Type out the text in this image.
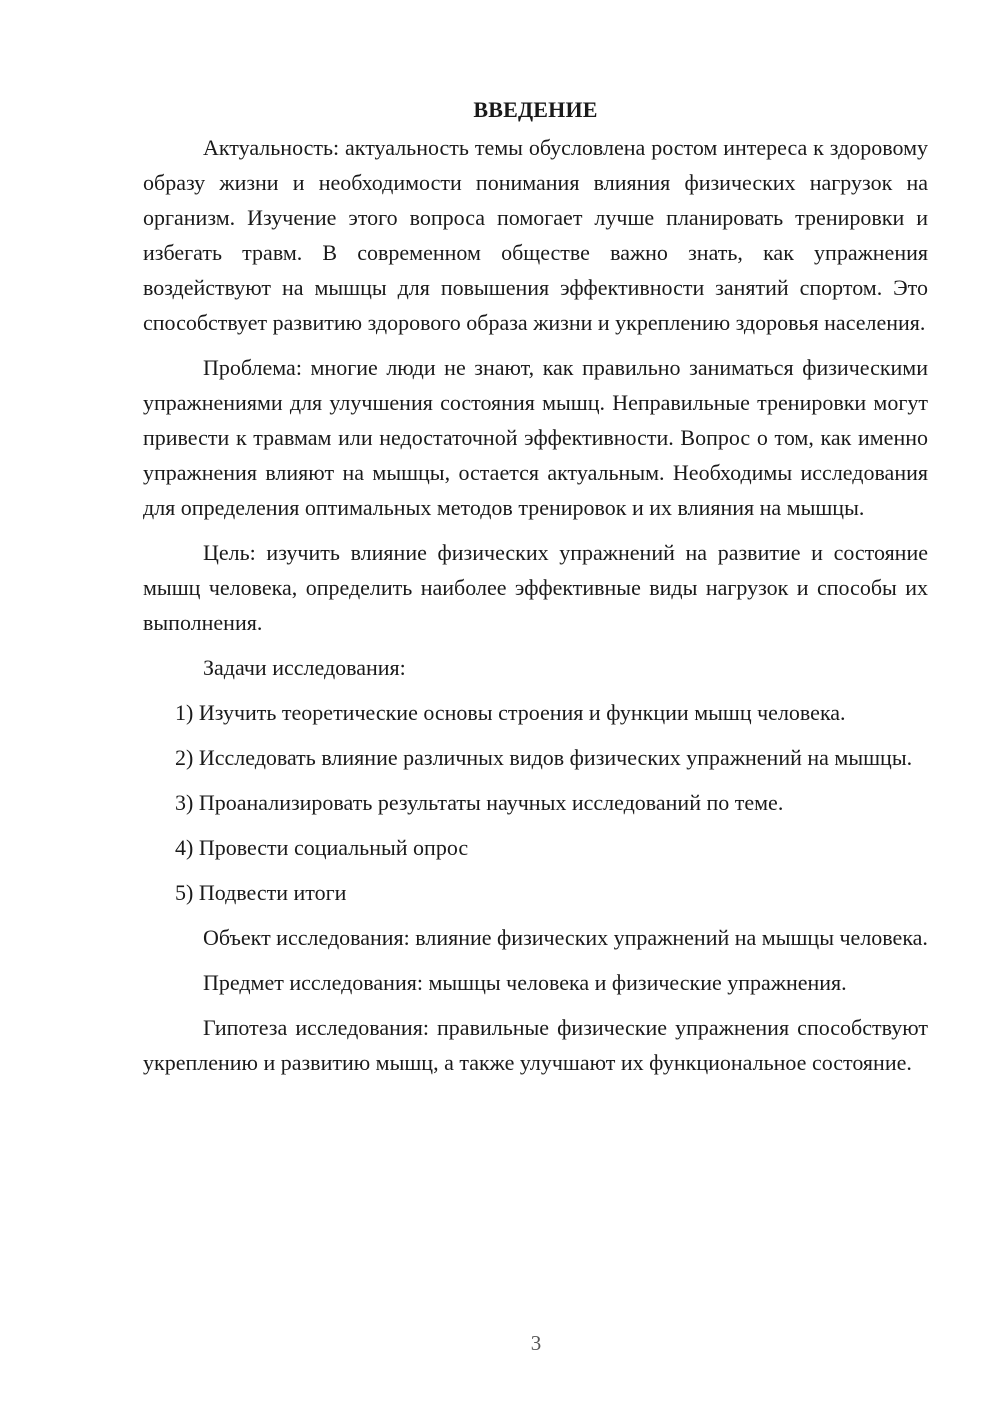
ВВЕДЕНИЕ

Актуальность: актуальность темы обусловлена ростом интереса к здоровому образу жизни и необходимости понимания влияния физических нагрузок на организм. Изучение этого вопроса помогает лучше планировать тренировки и избегать травм. В современном обществе важно знать, как упражнения воздействуют на мышцы для повышения эффективности занятий спортом. Это способствует развитию здорового образа жизни и укреплению здоровья населения.

Проблема: многие люди не знают, как правильно заниматься физическими упражнениями для улучшения состояния мышц. Неправильные тренировки могут привести к травмам или недостаточной эффективности. Вопрос о том, как именно упражнения влияют на мышцы, остается актуальным. Необходимы исследования для определения оптимальных методов тренировок и их влияния на мышцы.

Цель: изучить влияние физических упражнений на развитие и состояние мышц человека, определить наиболее эффективные виды нагрузок и способы их выполнения.

Задачи исследования:

1) Изучить теоретические основы строения и функции мышц человека.

2) Исследовать влияние различных видов физических упражнений на мышцы.

3) Проанализировать результаты научных исследований по теме.

4) Провести социальный опрос

5) Подвести итоги

Объект исследования: влияние физических упражнений на мышцы человека.

Предмет исследования: мышцы человека и физические упражнения.

Гипотеза исследования: правильные физические упражнения способствуют укреплению и развитию мышц, а также улучшают их функциональное состояние.

3
